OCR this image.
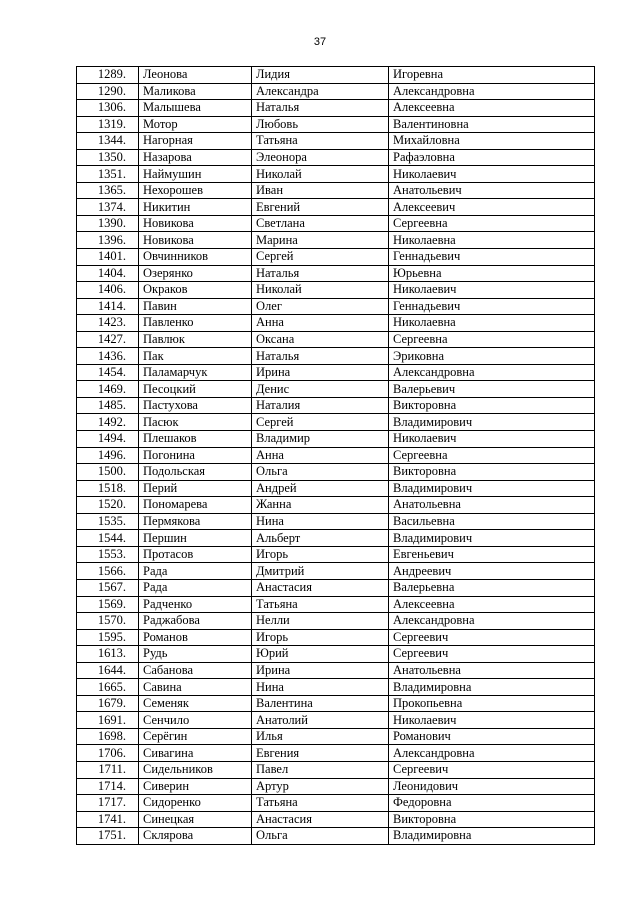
37
1289.	Леонова	Лидия	Игоревна
1290.	Маликова	Александра	Александровна
1306.	Малышева	Наталья	Алексеевна
1319.	Мотор	Любовь	Валентиновна
1344.	Нагорная	Татьяна	Михайловна
1350.	Назарова	Элеонора	Рафаэловна
1351.	Наймушин	Николай	Николаевич
1365.	Нехорошев	Иван	Анатольевич
1374.	Никитин	Евгений	Алексеевич
1390.	Новикова	Светлана	Сергеевна
1396.	Новикова	Марина	Николаевна
1401.	Овчинников	Сергей	Геннадьевич
1404.	Озерянко	Наталья	Юрьевна
1406.	Окраков	Николай	Николаевич
1414.	Павин	Олег	Геннадьевич
1423.	Павленко	Анна	Николаевна
1427.	Павлюк	Оксана	Сергеевна
1436.	Пак	Наталья	Эриковна
1454.	Паламарчук	Ирина	Александровна
1469.	Песоцкий	Денис	Валерьевич
1485.	Пастухова	Наталия	Викторовна
1492.	Пасюк	Сергей	Владимирович
1494.	Плешаков	Владимир	Николаевич
1496.	Погонина	Анна	Сергеевна
1500.	Подольская	Ольга	Викторовна
1518.	Перий	Андрей	Владимирович
1520.	Пономарева	Жанна	Анатольевна
1535.	Пермякова	Нина	Васильевна
1544.	Першин	Альберт	Владимирович
1553.	Протасов	Игорь	Евгеньевич
1566.	Рада	Дмитрий	Андреевич
1567.	Рада	Анастасия	Валерьевна
1569.	Радченко	Татьяна	Алексеевна
1570.	Раджабова	Нелли	Александровна
1595.	Романов	Игорь	Сергеевич
1613.	Рудь	Юрий	Сергеевич
1644.	Сабанова	Ирина	Анатольевна
1665.	Савина	Нина	Владимировна
1679.	Семеняк	Валентина	Прокопьевна
1691.	Сенчило	Анатолий	Николаевич
1698.	Серёгин	Илья	Романович
1706.	Сивагина	Евгения	Александровна
1711.	Сидельников	Павел	Сергеевич
1714.	Сиверин	Артур	Леонидович
1717.	Сидоренко	Татьяна	Федоровна
1741.	Синецкая	Анастасия	Викторовна
1751.	Склярова	Ольга	Владимировна
